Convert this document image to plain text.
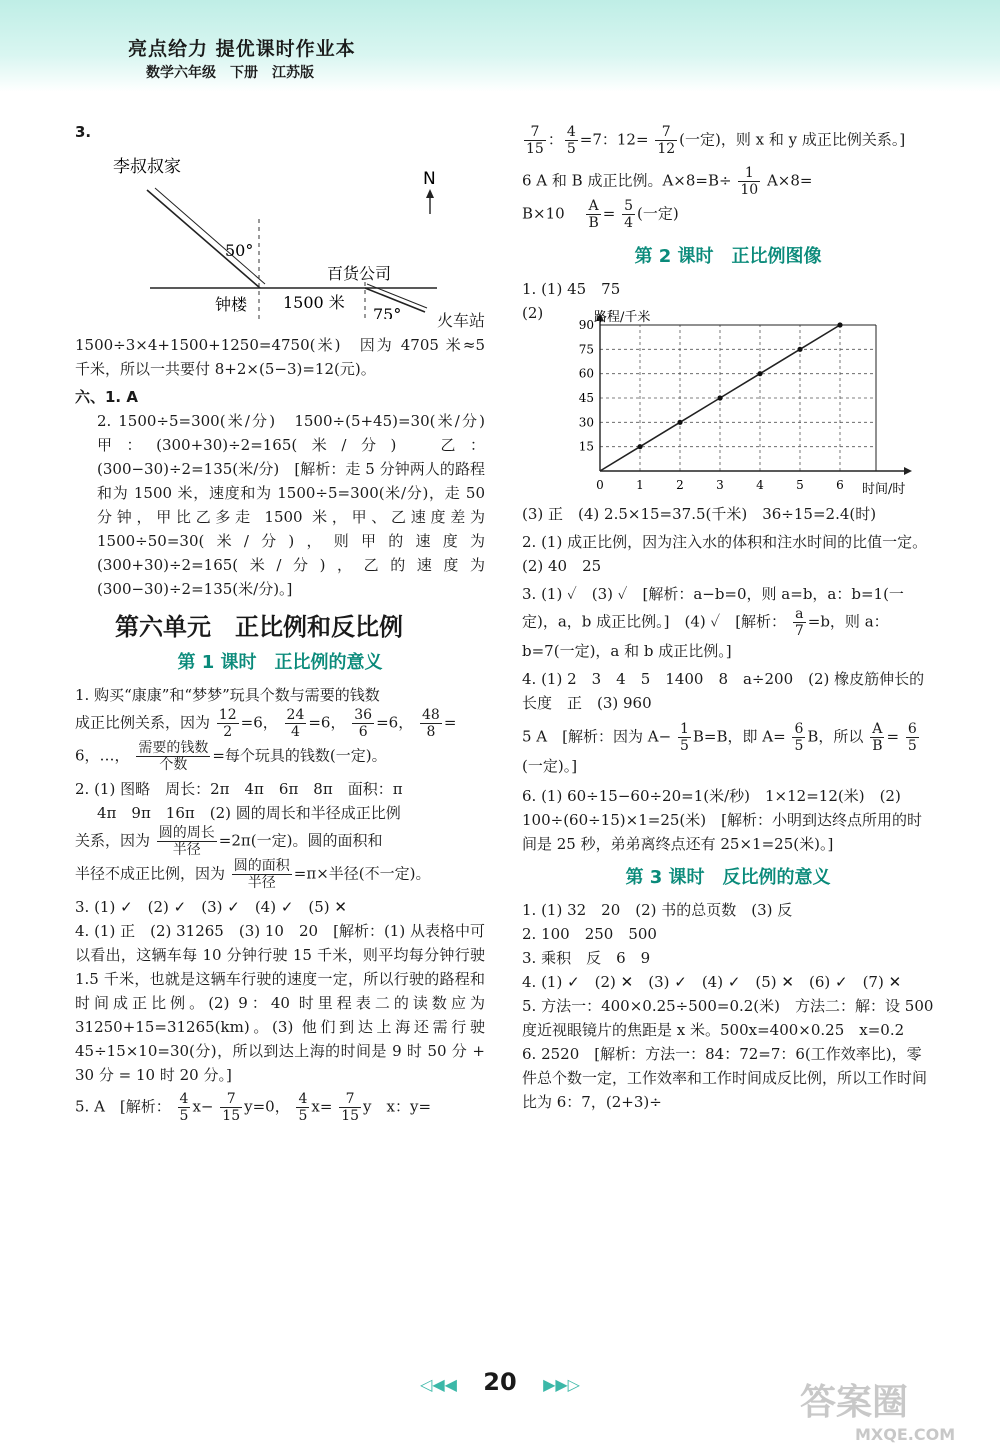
亮点给力 提优课时作业本
数学六年级　下册　江苏版

3.

李叔叔家
50°
N
百货公司
钟楼 1500 米
75°	火车站

1500÷3×4+1500+1250=4750(米)　因为 4705 米≈5 千米，所以一共要付 8+2×(5−3)=12(元)。

六、1. A

2. 1500÷5=300(米/分)　1500÷(5+45)=30(米/分)　甲：(300+30)÷2=165(米/分)　乙：(300−30)÷2=135(米/分)　[解析：走 5 分钟两人的路程和为 1500 米，速度和为 1500÷5=300(米/分)，走 50 分钟，甲比乙多走 1500 米，甲、乙速度差为 1500÷50=30(米/分)，则甲的速度为(300+30)÷2=165(米/分)，乙的速度为(300−30)÷2=135(米/分)。]

第六单元　正比例和反比例

第 1 课时　正比例的意义

1. 购买“康康”和“梦梦”玩具个数与需要的钱数
成正比例关系，因为 $\frac{12}{2} =6$， $\frac{24}{4} =6$， $\frac{36}{6} =6$， $\frac{48}{8}$ =
6，…， $\frac{\text{需要的钱数}}{\text{个数}}$ =每个玩具的钱数(一定)。

2. (1) 图略　周长：2π　4π　6π　8π　面积：π
4π　9π　16π　(2) 圆的周长和半径成正比例
关系，因为 $\frac{\text{圆的周长}}{\text{半径}} =2\pi$(一定)。圆的面积和
半径不成正比例，因为 $\frac{\text{圆的面积}}{\text{半径}} =\pi\times$半径(不一定)。

3. (1) ✓　(2) ✓　(3) ✓　(4) ✓　(5) ✕

4. (1) 正　(2) 31265　(3) 10　20　[解析：(1) 从表格中可以看出，这辆车每 10 分钟行驶 15 千米，则平均每分钟行驶 1.5 千米，也就是这辆车行驶的速度一定，所以行驶的路程和时间成正比例。(2) 9：40 时里程表二的读数应为 31250+15=31265(km)。(3) 他们到达上海还需行驶 45÷15×10=30(分)，所以到达上海的时间是 9 时 50 分 + 30 分 = 10 时 20 分。]

5. A　[解析： $\frac{4}{5} x- \frac{7}{15} y=0$， $\frac{4}{5} x= \frac{7}{15}$ y　x：y=

$\frac{7}{15}$ ： $\frac{4}{5} =7$：$12= \frac{7}{12}$ (一定)，则 x 和 y 成正比例关系。]

6 A 和 B 成正比例。$A\times 8=B\div \frac{1}{10} A\times 8=$
B×10　 $\frac{A}{B} = \frac{5}{4}$ (一定)

第 2 课时　正比例图像

1. (1) 45　75

(2)

15
30
45
60
75
90
0	1	2	3	4	5	6
路程/千米
时间/时

(3) 正　(4) 2.5×15=37.5(千米)　36÷15=2.4(时)

2. (1) 成正比例，因为注入水的体积和注水时间的比值一定。(2) 40　25

3. (1) ✓　(3) ✓　[解析：a−b=0，则 a=b，a：b=1(一定)，a，b 成正比例。]　(4) ✓　[解析： $\frac{a}{7} =b$，则 a：b=7(一定)，a 和 b 成正比例。]

4. (1) 2　3　4　5　1400　8　a÷200　(2) 橡皮筋伸长的长度　正　(3) 960

5 A　[解析：因为 $A- \frac{1}{5} B=B$，即 $A= \frac{6}{5}$ B，所以 $\frac{A}{B} = \frac{6}{5}$
(一定)。]

6. (1) 60÷15−60÷20=1(米/秒)　1×12=12(米)　(2) 100÷(60÷15)×1=25(米)　[解析：小明到达终点所用的时间是 25 秒，弟弟离终点还有 25×1=25(米)。]

第 3 课时　反比例的意义

1. (1) 32　20　(2) 书的总页数　(3) 反

2. 100　250　500

3. 乘积　反　6　9

4. (1) ✓　(2) ✕　(3) ✓　(4) ✓　(5) ✕　(6) ✓　(7) ✕

5. 方法一：400×0.25÷500=0.2(米)　方法二：解：设 500 度近视眼镜片的焦距是 x 米。500x=400×0.25　x=0.2

6. 2520　[解析：方法一：84：72=7：6(工作效率比)，零件总个数一定，工作效率和工作时间成反比例，所以工作时间比为 6：7，(2+3)÷

◁◀◀ 20 ▶▶▷	答案圈
MXQE.COM
